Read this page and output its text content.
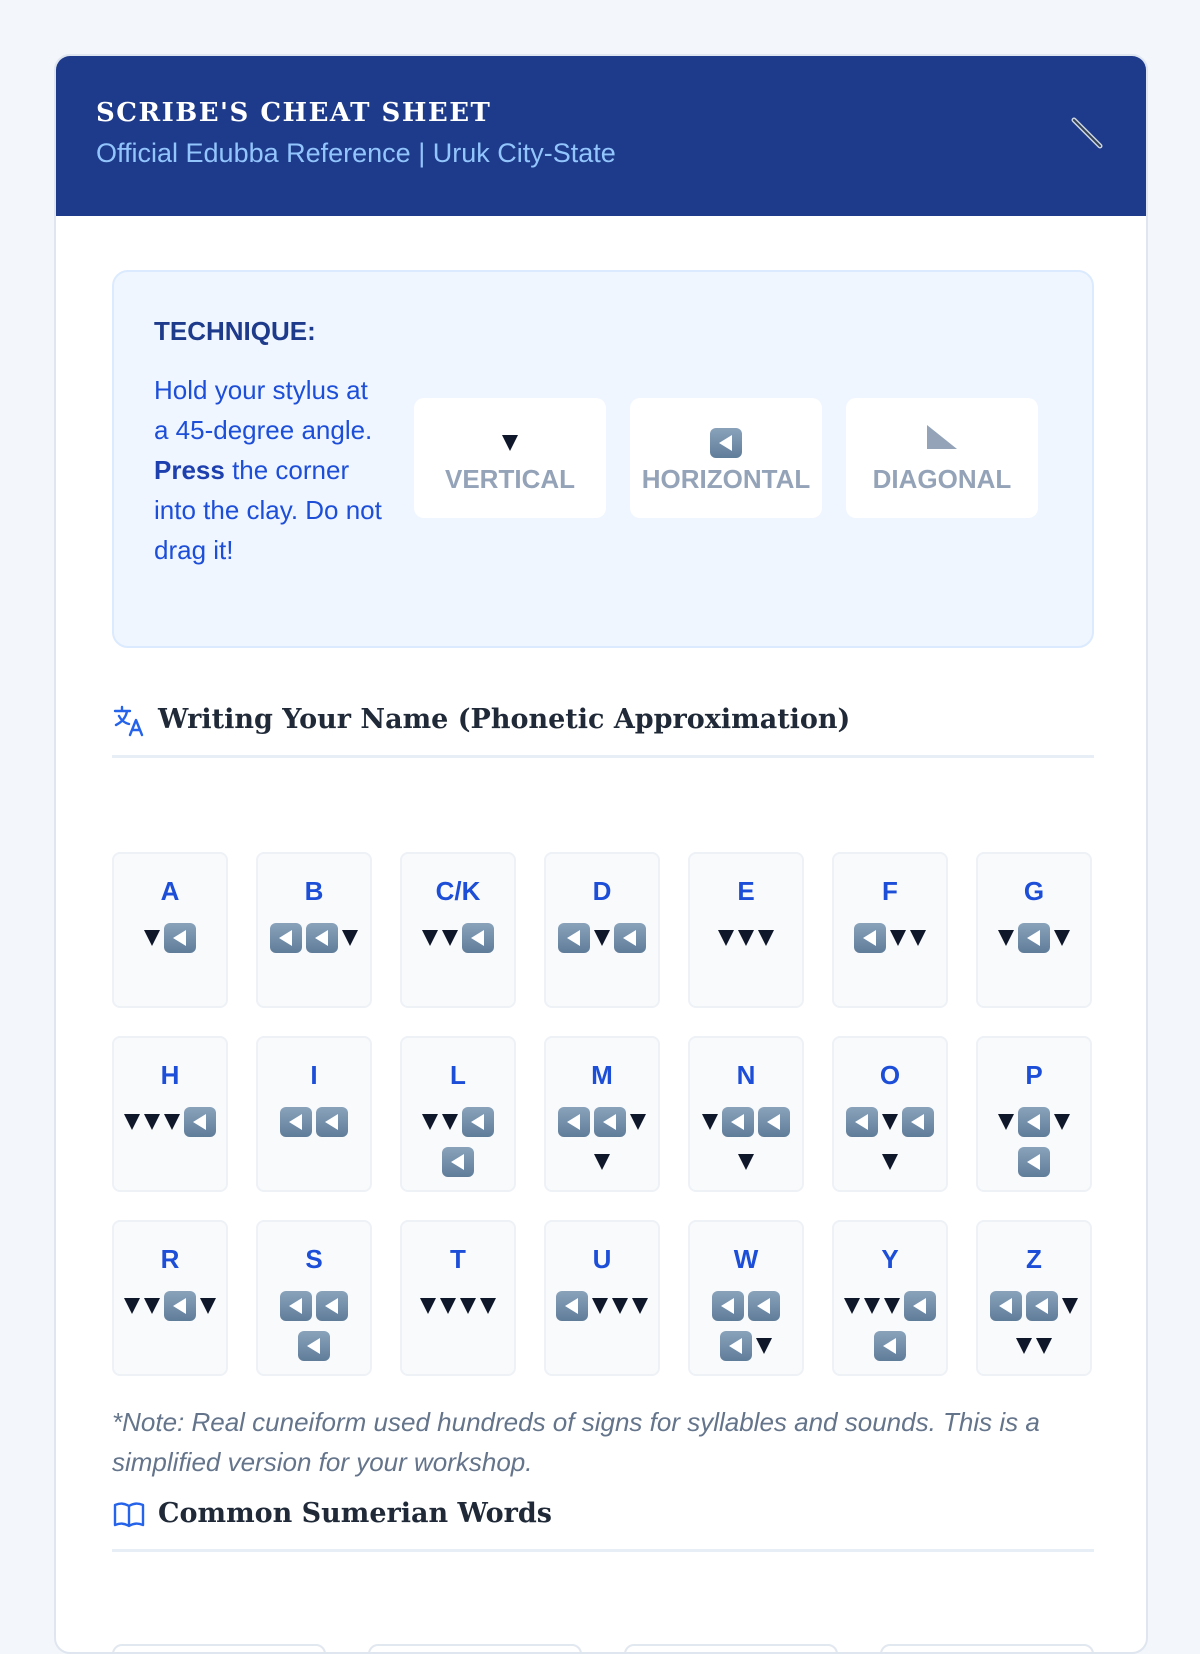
SCRIBE'S CHEAT SHEET
Official Edubba Reference | Uruk City-State
TECHNIQUE:
Hold your stylus at a 45-degree angle. Press the corner into the clay. Do not drag it!
VERTICAL	HORIZONTAL	DIAGONAL
Writing Your Name (Phonetic Approximation)
A	B	C/K	D	E	F	G
H	I	L	M	N	O	P
R	S	T	U	W	Y	Z
*Note: Real cuneiform used hundreds of signs for syllables and sounds. This is a simplified version for your workshop.
Common Sumerian Words
